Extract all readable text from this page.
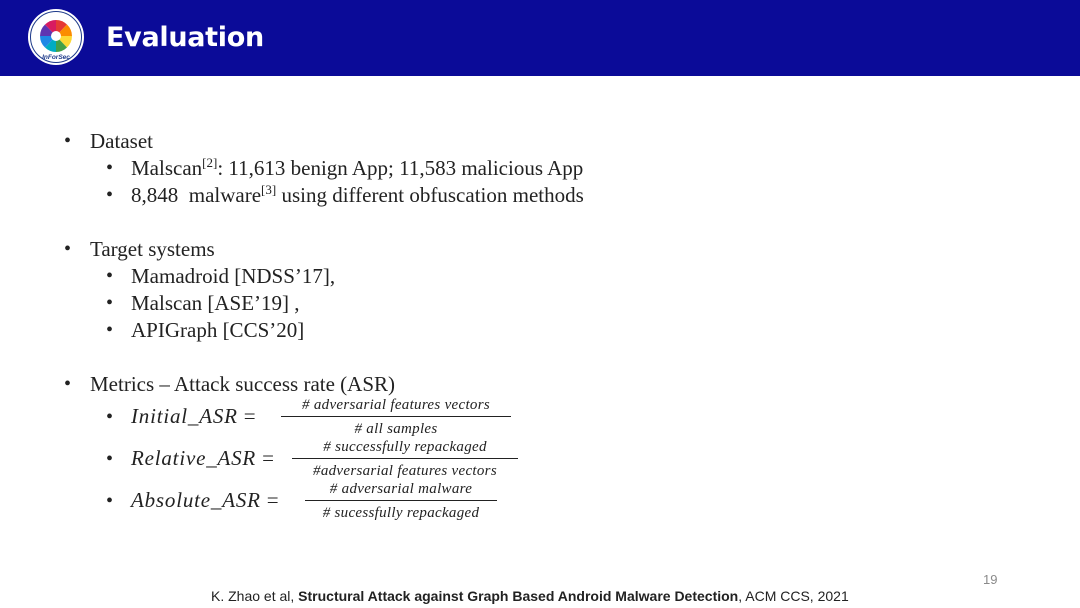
InForSec
Evaluation
• Dataset
• Malscan[2]: 11,613 benign App; 11,583 malicious App
• 8,848  malware[3] using different obfuscation methods
• Target systems
• Mamadroid [NDSS’17],
• Malscan [ASE’19] ,
• APIGraph [CCS’20]
• Metrics – Attack success rate (ASR)
• Initial_ASR =	# adversarial features vectors
# all samples
• Relative_ASR =	# successfully repackaged
#adversarial features vectors
• Absolute_ASR =	# adversarial malware
# sucessfully repackaged
19
K. Zhao et al, Structural Attack against Graph Based Android Malware Detection, ACM CCS, 2021
